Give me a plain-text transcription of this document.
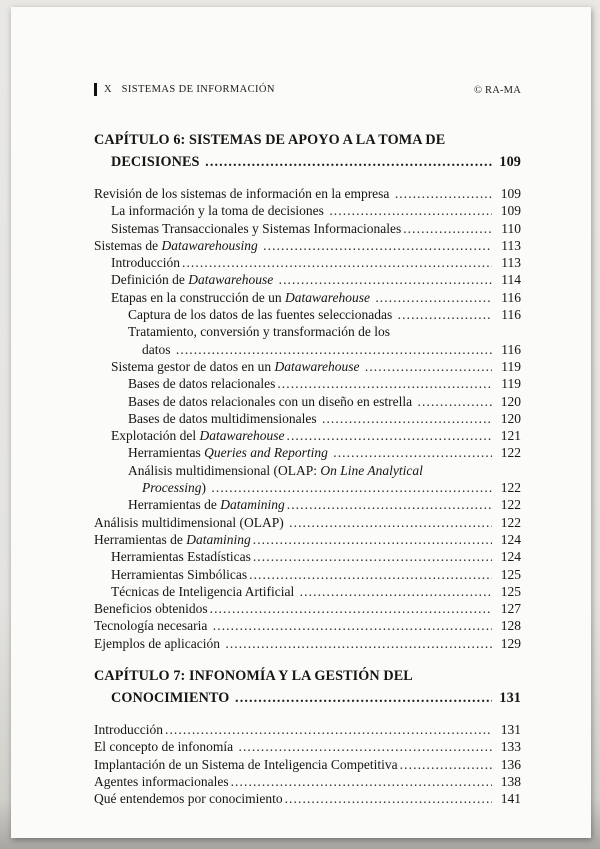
X SISTEMAS DE INFORMACIÓN	© RA-MA
CAPÍTULO 6: SISTEMAS DE APOYO A LA TOMA DE
DECISIONES .....	109
Revisión de los sistemas de información en la empresa .....	109
La información y la toma de decisiones .....	109
Sistemas Transaccionales y Sistemas Informacionales .....	110
Sistemas de Datawarehousing .....	113
Introducción .....	113
Definición de Datawarehouse .....	114
Etapas en la construcción de un Datawarehouse .....	116
Captura de los datos de las fuentes seleccionadas .....	116
Tratamiento, conversión y transformación de los
datos .....	116
Sistema gestor de datos en un Datawarehouse .....	119
Bases de datos relacionales .....	119
Bases de datos relacionales con un diseño en estrella .....	120
Bases de datos multidimensionales .....	120
Explotación del Datawarehouse .....	121
Herramientas Queries and Reporting .....	122
Análisis multidimensional (OLAP: On Line Analytical
Processing) .....	122
Herramientas de Datamining .....	122
Análisis multidimensional (OLAP) .....	122
Herramientas de Datamining .....	124
Herramientas Estadísticas .....	124
Herramientas Simbólicas .....	125
Técnicas de Inteligencia Artificial .....	125
Beneficios obtenidos .....	127
Tecnología necesaria .....	128
Ejemplos de aplicación .....	129
CAPÍTULO 7: INFONOMÍA Y LA GESTIÓN DEL
CONOCIMIENTO .....	131
Introducción .....	131
El concepto de infonomía .....	133
Implantación de un Sistema de Inteligencia Competitiva .....	136
Agentes informacionales .....	138
Qué entendemos por conocimiento .....	141
